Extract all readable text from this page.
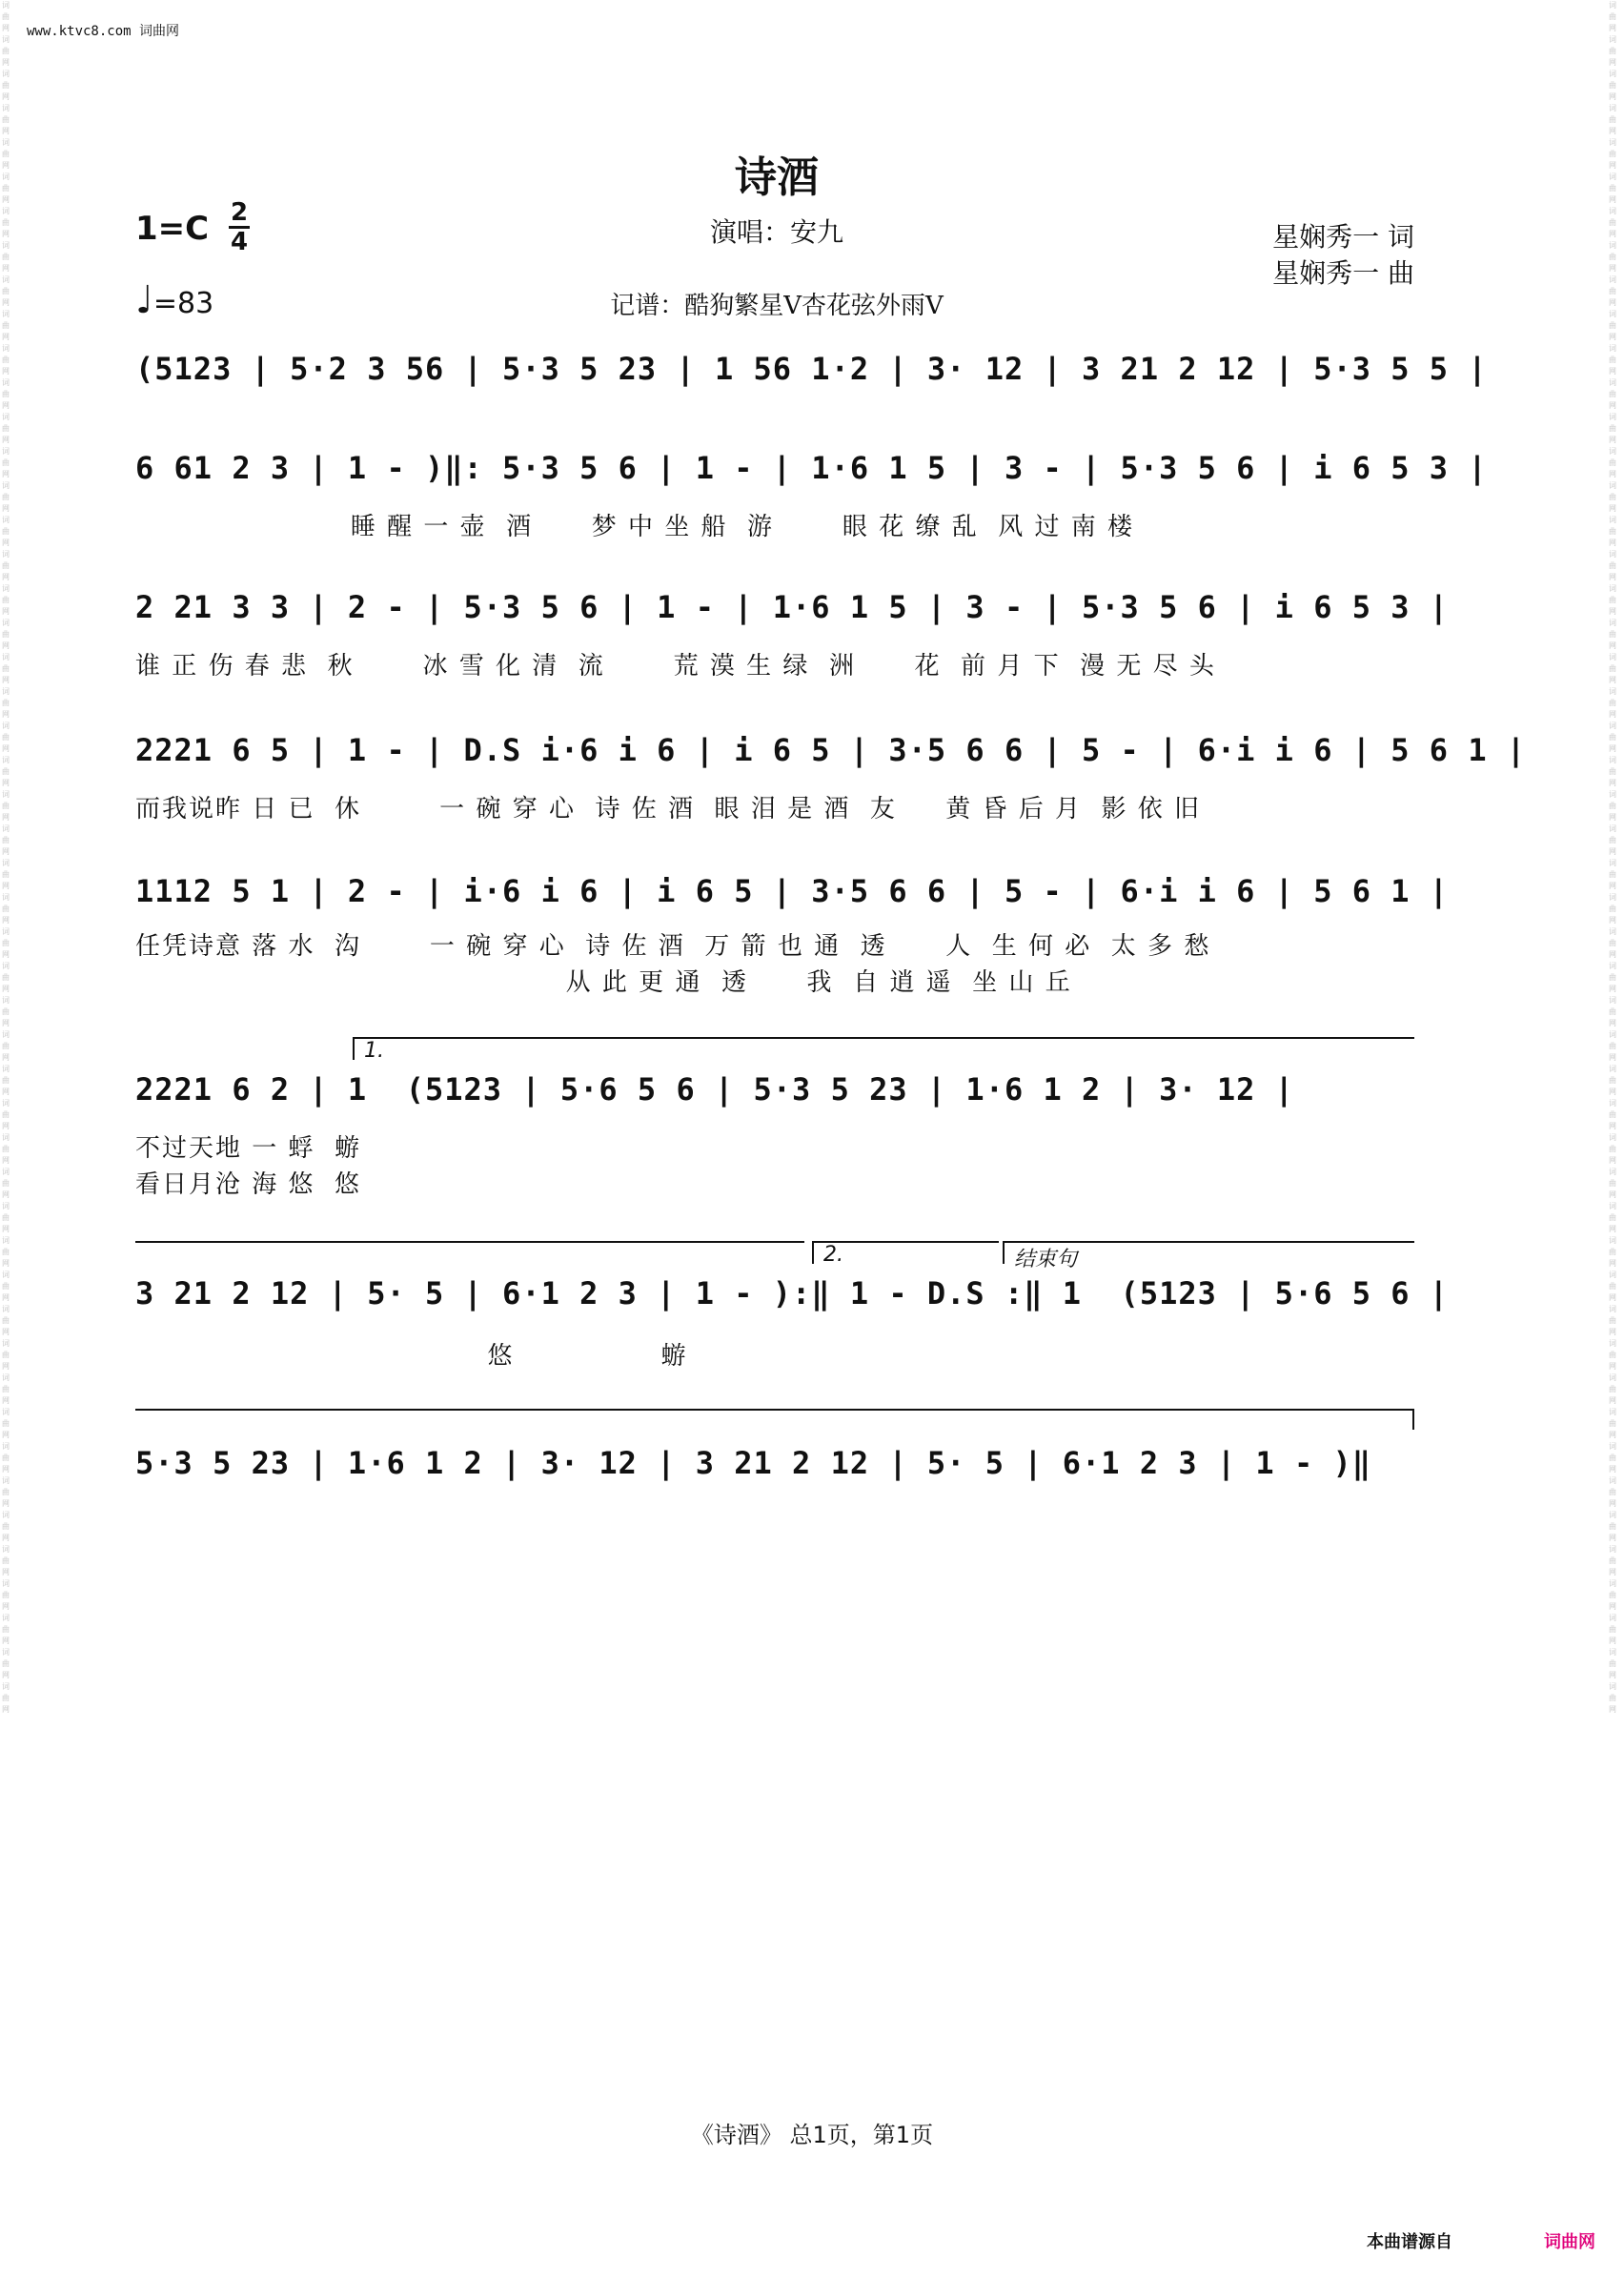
www.ktvc8.com 词曲网
词曲网词曲网词曲网词曲网词曲网词曲网词曲网词曲网词曲网词曲网词曲网词曲网词曲网词曲网词曲网词曲网词曲网词曲网词曲网词曲网词曲网词曲网词曲网词曲网词曲网词曲网词曲网词曲网词曲网词曲网词曲网词曲网词曲网词曲网词曲网词曲网词曲网词曲网词曲网词曲网词曲网词曲网词曲网词曲网词曲网词曲网词曲网词曲网词曲网词曲网
词曲网词曲网词曲网词曲网词曲网词曲网词曲网词曲网词曲网词曲网词曲网词曲网词曲网词曲网词曲网词曲网词曲网词曲网词曲网词曲网词曲网词曲网词曲网词曲网词曲网词曲网词曲网词曲网词曲网词曲网词曲网词曲网词曲网词曲网词曲网词曲网词曲网词曲网词曲网词曲网词曲网词曲网词曲网词曲网词曲网词曲网词曲网词曲网词曲网词曲网
诗酒
演唱：安九
1=C 2
4
♩=83
星娴秀一 词
星娴秀一 曲
记谱：酷狗繁星V杏花弦外雨V
(5123 | 5·2 3 56 | 5·3 5 23 | 1 56 1·2 | 3· 12 | 3 21 2 12 | 5·3 5 5 |
6 61 2 3 | 1 - )‖: 5·3 5 6 | 1 - | 1·6 1 5 | 3 - | 5·3 5 6 | i 6 5 3 |
睡 醒 一 壶  酒      梦 中 坐 船  游       眼 花 缭 乱  风 过 南 楼
2 21 3 3 | 2 - | 5·3 5 6 | 1 - | 1·6 1 5 | 3 - | 5·3 5 6 | i 6 5 3 |
谁 正 伤 春 悲  秋       冰 雪 化 清  流       荒 漠 生 绿  洲      花  前 月 下  漫 无 尽 头
2221 6 5 | 1 - | D.S i·6 i 6 | i 6 5 | 3·5 6 6 | 5 - | 6·i i 6 | 5 6 1 |
而我说昨 日 已  休        一 碗 穿 心  诗 佐 酒  眼 泪 是 酒  友     黄 昏 后 月  影 依 旧
1112 5 1 | 2 - | i·6 i 6 | i 6 5 | 3·5 6 6 | 5 - | 6·i i 6 | 5 6 1 |
任凭诗意 落 水  沟       一 碗 穿 心  诗 佐 酒  万 箭 也 通  透      人  生 何 必  太 多 愁
从 此 更 通  透      我  自 逍 遥  坐 山 丘
1.
2221 6 2 | 1  (5123 | 5·6 5 6 | 5·3 5 23 | 1·6 1 2 | 3· 12 |
不过天地 一 蜉  蝣
看日月沧 海 悠  悠
2.	结束句
3 21 2 12 | 5· 5 | 6·1 2 3 | 1 - ):‖ 1 - D.S :‖ 1  (5123 | 5·6 5 6 |
悠               蝣
5·3 5 23 | 1·6 1 2 | 3· 12 | 3 21 2 12 | 5· 5 | 6·1 2 3 | 1 - )‖
《诗酒》 总1页，第1页
本曲谱源自	词曲网
